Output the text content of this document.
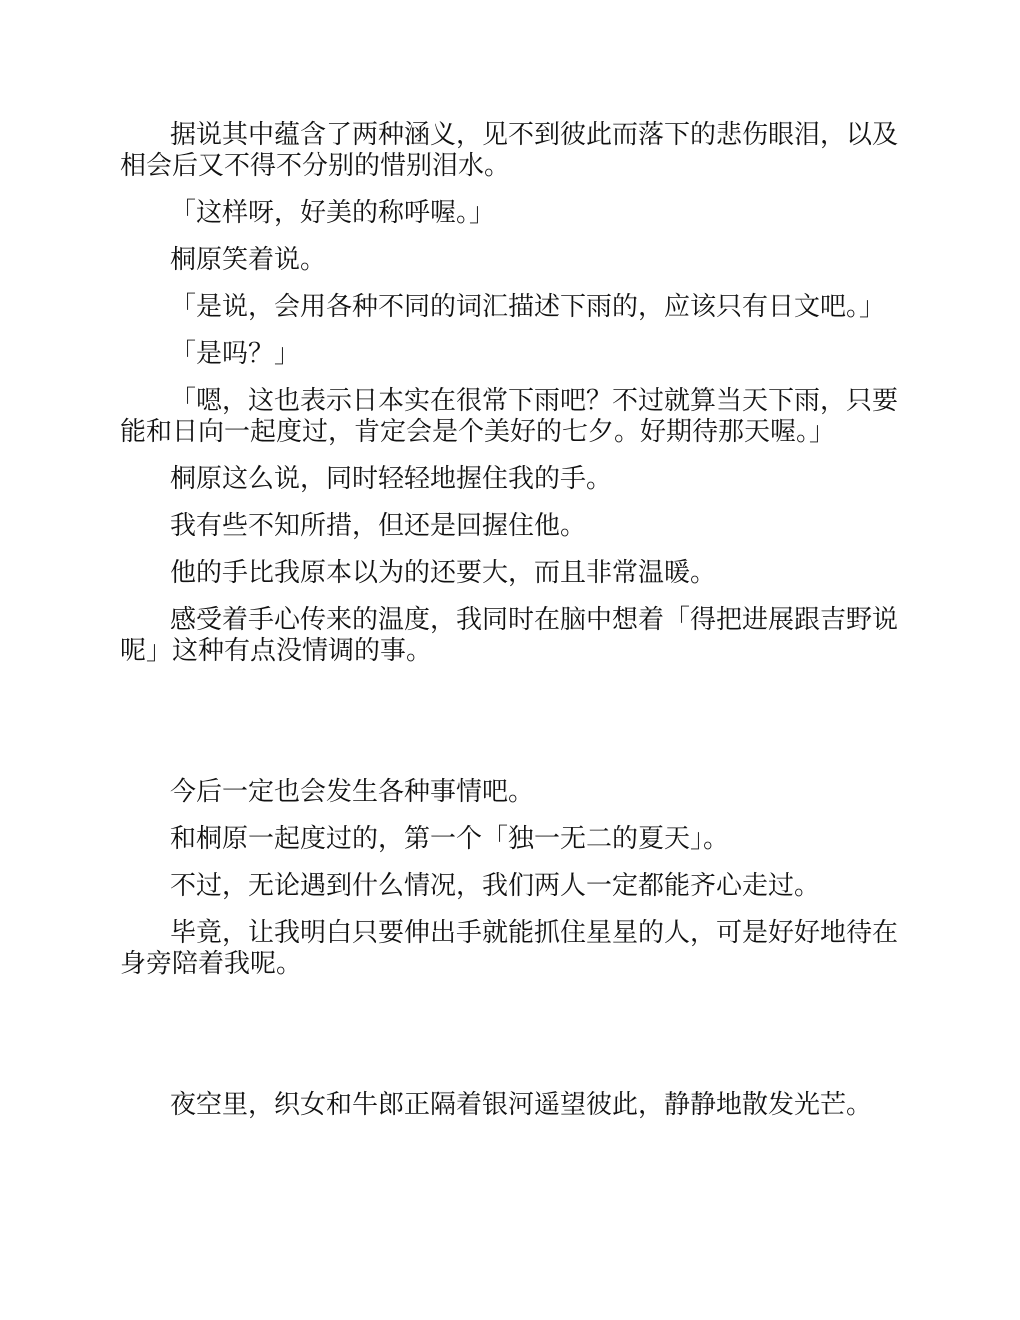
据说其中蕴含了两种涵义，见不到彼此而落下的悲伤眼泪，以及相会后又不得不分别的惜别泪水。

「这样呀，好美的称呼喔。」

桐原笑着说。

「是说，会用各种不同的词汇描述下雨的，应该只有日文吧。」

「是吗？」

「嗯，这也表示日本实在很常下雨吧？不过就算当天下雨，只要能和日向一起度过，肯定会是个美好的七夕。好期待那天喔。」

桐原这么说，同时轻轻地握住我的手。

我有些不知所措，但还是回握住他。

他的手比我原本以为的还要大，而且非常温暖。

感受着手心传来的温度，我同时在脑中想着「得把进展跟吉野说呢」这种有点没情调的事。

今后一定也会发生各种事情吧。

和桐原一起度过的，第一个「独一无二的夏天」。

不过，无论遇到什么情况，我们两人一定都能齐心走过。

毕竟，让我明白只要伸出手就能抓住星星的人，可是好好地待在身旁陪着我呢。

夜空里，织女和牛郎正隔着银河遥望彼此，静静地散发光芒。
